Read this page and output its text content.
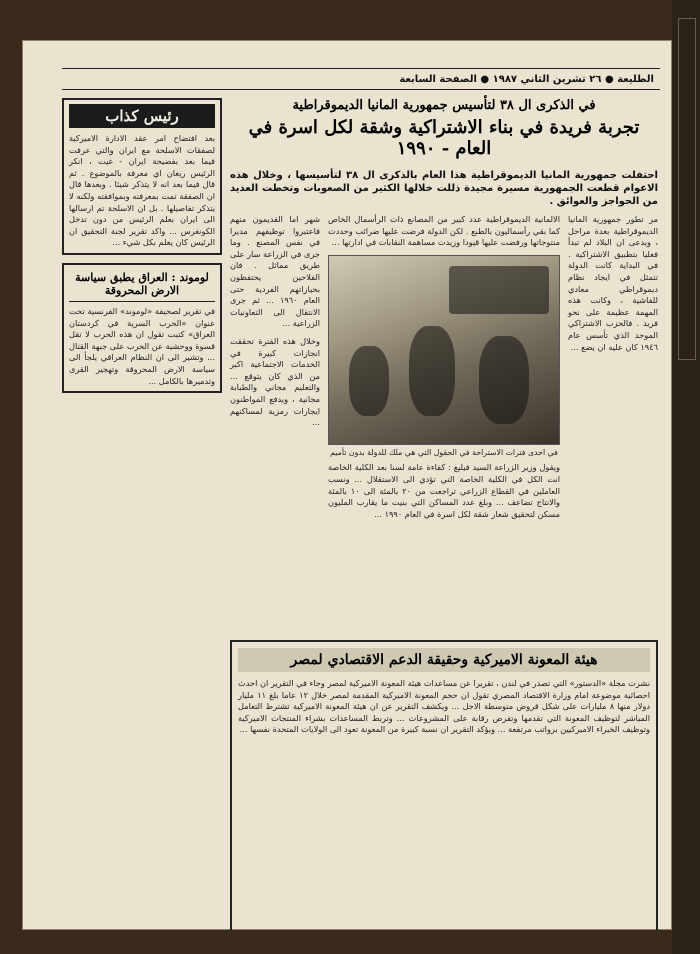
الطليعة ● ٢٦ تشرين الثاني ١٩٨٧ ● الصفحة السابعة
رئيس كذاب
بعد افتضاح امر عقد الادارة الاميركية لصفقات الاسلحة مع ايران والتي عرفت فيما بعد بفضيحة ايران - غيت ، انكر الرئيس ريغان اي معرفة بالموضوع . ثم قال فيما بعد انه لا يتذكر شيئا . وبعدها قال ان الصفقة تمت بمعرفته وبموافقته ولكنه لا يتذكر تفاصيلها . بل ان الاسلحة تم ارسالها الى ايران بعلم الرئيس من دون تدخل الكونغرس ... واكد تقرير لجنة التحقيق ان الرئيس كان يعلم بكل شيء ...
لوموند : العراق يطبق سياسة الارض المحروقة
في تقرير لصحيفة «لوموند» الفرنسية تحت عنوان «الحرب السرية في كردستان العراق» كتبت تقول ان هذه الحرب لا تقل قسوة ووحشية عن الحرب على جبهة القتال ... وتشير الى ان النظام العراقي يلجأ الى سياسة الارض المحروقة وتهجير القرى وتدميرها بالكامل ...
في الذكرى ال ٣٨ لتأسيس جمهورية المانيا الديموقراطية
تجربة فريدة في بناء الاشتراكية وشقة لكل اسرة في العام - ١٩٩٠
احتفلت جمهورية المانيا الديموقراطية هذا العام بالذكرى ال ٣٨ لتأسيسها ، وخلال هذه الاعوام قطعت الجمهورية مسيرة مجيدة ذللت خلالها الكثير من الصعوبات وتخطت العديد من الحواجز والعوائق .
مر تطور جمهورية المانيا الديموقراطية بعدة مراحل ، ويدعى ان البلاد لم تبدأ فعليا بتطبيق الاشتراكية . في البداية كانت الدولة تتمثل في ايجاد نظام ديموقراطي معادي للفاشية ، وكانت هذه المهمة عظيمة على نحو فريد . فالحزب الاشتراكي الموحد الذي تأسس عام ١٩٤٦ كان عليه ان يضع ...
الالمانية الديموقراطية عدد كبير من المصانع ذات الرأسمال الخاص كما بقي رأسماليون بالطبع . لكن الدولة فرضت عليها ضرائب وحددت منتوجاتها ورفضت عليها قيودا وزيدت مساهمة النقابات في ادارتها ...
في احدى فترات الاستراحة في الحقول التي هي ملك للدولة بدون تأميم
ويقول وزير الزراعة السيد فيليغ : كفاءة عامة لسنا بعد الكلية الخاصة انت الكل في الكلية الخاصة التي تؤدي الى الاستقلال ... ونسب العاملين في القطاع الزراعي تراجعت من ٢٠ بالمئة الى ١٠ بالمئة والانتاج تضاعف ... وبلغ عدد المساكن التي بنيت ما يقارب المليون مسكن لتحقيق شعار شقة لكل اسرة في العام ١٩٩٠ ...
شهر اما القديمون منهم فاعتبروا توظيفهم مديرا في نفس المصنع . وما جرى في الزراعة سار على طريق مماثل . فان الفلاحين يحتفظون بحيازاتهم الفردية حتى العام ١٩٦٠ ... ثم جرى الانتقال الى التعاونيات الزراعية ...
وخلال هذه الفترة تحققت انجازات كبيرة في الخدمات الاجتماعية اكبر من الذي كان يتوقع ... والتعليم مجاني والطبابة مجانية ، ويدفع المواطنون ايجارات رمزية لمساكنهم ...
هيئة المعونة الاميركية وحقيقة الدعم الاقتصادي لمصر
نشرت مجلة «الدستور» التي تصدر في لندن ، تقريرا عن مساعدات هيئة المعونة الاميركية لمصر وجاء في التقرير ان احدث احصائية موضوعة امام وزارة الاقتصاد المصري تقول ان حجم المعونة الاميركية المقدمة لمصر خلال ١٢ عاما بلغ ١١ مليار دولار منها ٨ مليارات على شكل قروض متوسطة الاجل ... ويكشف التقرير عن ان هيئة المعونة الاميركية تشترط التعامل المباشر لتوظيف المعونة التي تقدمها وتفرض رقابة على المشروعات ... وتربط المساعدات بشراء المنتجات الاميركية وتوظيف الخبراء الاميركيين برواتب مرتفعة ... ويؤكد التقرير ان نسبة كبيرة من المعونة تعود الى الولايات المتحدة نفسها ...
